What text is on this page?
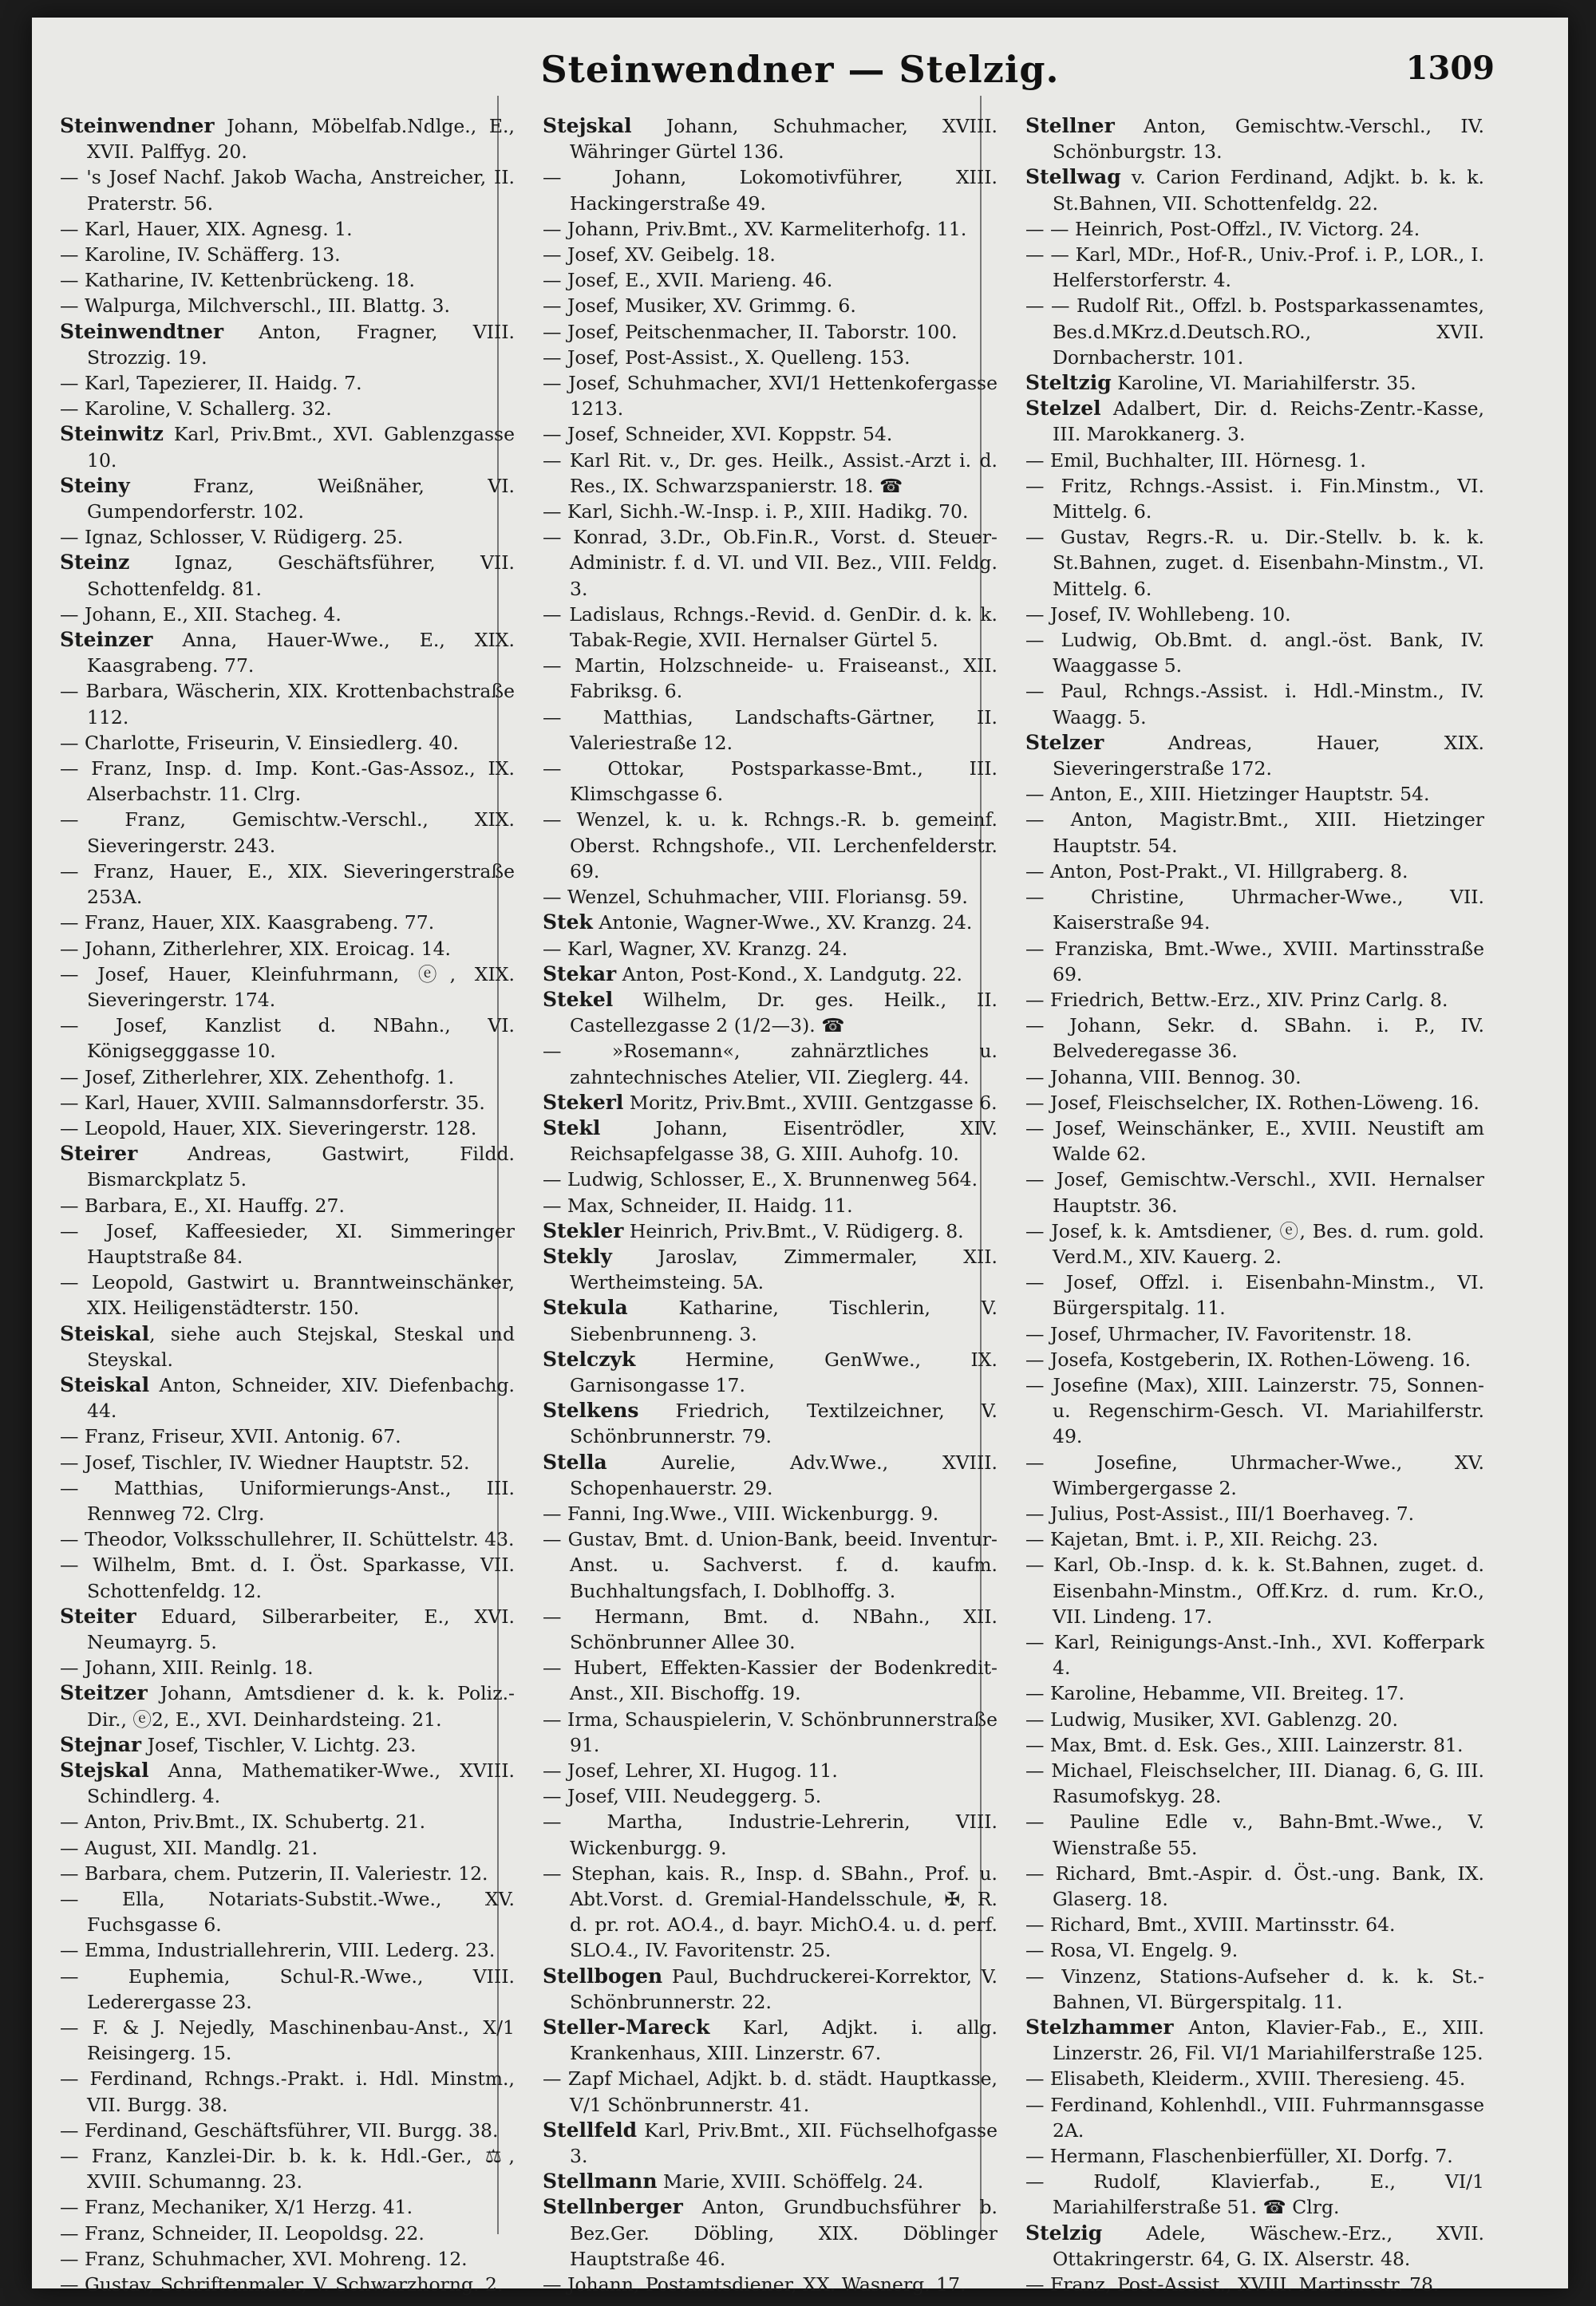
Steinwendner — Stelzig.	1309

Steinwendner Johann, Möbelfab.Ndlge., E., XVII. Palffyg. 20.

— 's Josef Nachf. Jakob Wacha, Anstreicher, II. Praterstr. 56.

— Karl, Hauer, XIX. Agnesg. 1.

— Karoline, IV. Schäfferg. 13.

— Katharine, IV. Kettenbrückeng. 18.

— Walpurga, Milchverschl., III. Blattg. 3.

Steinwendtner Anton, Fragner, VIII. Strozzig. 19.

— Karl, Tapezierer, II. Haidg. 7.

— Karoline, V. Schallerg. 32.

Steinwitz Karl, Priv.Bmt., XVI. Gablenzgasse 10.

Steiny Franz, Weißnäher, VI. Gumpendorferstr. 102.

— Ignaz, Schlosser, V. Rüdigerg. 25.

Steinz Ignaz, Geschäftsführer, VII. Schottenfeldg. 81.

— Johann, E., XII. Stacheg. 4.

Steinzer Anna, Hauer-Wwe., E., XIX. Kaasgrabeng. 77.

— Barbara, Wäscherin, XIX. Krottenbachstraße 112.

— Charlotte, Friseurin, V. Einsiedlerg. 40.

— Franz, Insp. d. Imp. Kont.-Gas-Assoz., IX. Alserbachstr. 11. Clrg.

— Franz, Gemischtw.-Verschl., XIX. Sieveringerstr. 243.

— Franz, Hauer, E., XIX. Sieveringerstraße 253A.

— Franz, Hauer, XIX. Kaasgrabeng. 77.

— Johann, Zitherlehrer, XIX. Eroicag. 14.

— Josef, Hauer, Kleinfuhrmann, ⓔ, XIX. Sieveringerstr. 174.

— Josef, Kanzlist d. NBahn., VI. Königsegggasse 10.

— Josef, Zitherlehrer, XIX. Zehenthofg. 1.

— Karl, Hauer, XVIII. Salmannsdorferstr. 35.

— Leopold, Hauer, XIX. Sieveringerstr. 128.

Steirer Andreas, Gastwirt, Fildd. Bismarckplatz 5.

— Barbara, E., XI. Hauffg. 27.

— Josef, Kaffeesieder, XI. Simmeringer Hauptstraße 84.

— Leopold, Gastwirt u. Branntweinschänker, XIX. Heiligenstädterstr. 150.

Steiskal, siehe auch Stejskal, Steskal und Steyskal.

Steiskal Anton, Schneider, XIV. Diefenbachg. 44.

— Franz, Friseur, XVII. Antonig. 67.

— Josef, Tischler, IV. Wiedner Hauptstr. 52.

— Matthias, Uniformierungs-Anst., III. Rennweg 72. Clrg.

— Theodor, Volksschullehrer, II. Schüttelstr. 43.

— Wilhelm, Bmt. d. I. Öst. Sparkasse, VII. Schottenfeldg. 12.

Steiter Eduard, Silberarbeiter, E., XVI. Neumayrg. 5.

— Johann, XIII. Reinlg. 18.

Steitzer Johann, Amtsdiener d. k. k. Poliz.-Dir., ⓔ2, E., XVI. Deinhardsteing. 21.

Stejnar Josef, Tischler, V. Lichtg. 23.

Stejskal Anna, Mathematiker-Wwe., XVIII. Schindlerg. 4.

— Anton, Priv.Bmt., IX. Schubertg. 21.

— August, XII. Mandlg. 21.

— Barbara, chem. Putzerin, II. Valeriestr. 12.

— Ella, Notariats-Substit.-Wwe., XV. Fuchsgasse 6.

— Emma, Industriallehrerin, VIII. Lederg. 23.

— Euphemia, Schul-R.-Wwe., VIII. Lederergasse 23.

— F. & J. Nejedly, Maschinenbau-Anst., X/1 Reisingerg. 15.

— Ferdinand, Rchngs.-Prakt. i. Hdl. Minstm., VII. Burgg. 38.

— Ferdinand, Geschäftsführer, VII. Burgg. 38.

— Franz, Kanzlei-Dir. b. k. k. Hdl.-Ger., ⚖, XVIII. Schumanng. 23.

— Franz, Mechaniker, X/1 Herzg. 41.

— Franz, Schneider, II. Leopoldsg. 22.

— Franz, Schuhmacher, XVI. Mohreng. 12.

— Gustav, Schriftenmaler, V. Schwarzhorng. 2.

Stejskal Johann, Schuhmacher, XVIII. Währinger Gürtel 136.

— Johann, Lokomotivführer, XIII. Hackingerstraße 49.

— Johann, Priv.Bmt., XV. Karmeliterhofg. 11.

— Josef, XV. Geibelg. 18.

— Josef, E., XVII. Marieng. 46.

— Josef, Musiker, XV. Grimmg. 6.

— Josef, Peitschenmacher, II. Taborstr. 100.

— Josef, Post-Assist., X. Quelleng. 153.

— Josef, Schuhmacher, XVI/1 Hettenkofergasse 1213.

— Josef, Schneider, XVI. Koppstr. 54.

— Karl Rit. v., Dr. ges. Heilk., Assist.-Arzt i. d. Res., IX. Schwarzspanierstr. 18. ☎

— Karl, Sichh.-W.-Insp. i. P., XIII. Hadikg. 70.

— Konrad, 3.Dr., Ob.Fin.R., Vorst. d. Steuer-Administr. f. d. VI. und VII. Bez., VIII. Feldg. 3.

— Ladislaus, Rchngs.-Revid. d. GenDir. d. k. k. Tabak-Regie, XVII. Hernalser Gürtel 5.

— Martin, Holzschneide- u. Fraiseanst., XII. Fabriksg. 6.

— Matthias, Landschafts-Gärtner, II. Valeriestraße 12.

— Ottokar, Postsparkasse-Bmt., III. Klimschgasse 6.

— Wenzel, k. u. k. Rchngs.-R. b. gemeinf. Oberst. Rchngshofe., VII. Lerchenfelderstr. 69.

— Wenzel, Schuhmacher, VIII. Floriansg. 59.

Stek Antonie, Wagner-Wwe., XV. Kranzg. 24.

— Karl, Wagner, XV. Kranzg. 24.

Stekar Anton, Post-Kond., X. Landgutg. 22.

Stekel Wilhelm, Dr. ges. Heilk., II. Castellezgasse 2 (1/2—3). ☎

— »Rosemann«, zahnärztliches u. zahntechnisches Atelier, VII. Zieglerg. 44.

Stekerl Moritz, Priv.Bmt., XVIII. Gentzgasse 6.

Stekl Johann, Eisentrödler, XIV. Reichsapfelgasse 38, G. XIII. Auhofg. 10.

— Ludwig, Schlosser, E., X. Brunnenweg 564.

— Max, Schneider, II. Haidg. 11.

Stekler Heinrich, Priv.Bmt., V. Rüdigerg. 8.

Stekly Jaroslav, Zimmermaler, XII. Wertheimsteing. 5A.

Stekula Katharine, Tischlerin, V. Siebenbrunneng. 3.

Stelczyk Hermine, GenWwe., IX. Garnisongasse 17.

Stelkens Friedrich, Textilzeichner, V. Schönbrunnerstr. 79.

Stella Aurelie, Adv.Wwe., XVIII. Schopenhauerstr. 29.

— Fanni, Ing.Wwe., VIII. Wickenburgg. 9.

— Gustav, Bmt. d. Union-Bank, beeid. Inventur-Anst. u. Sachverst. f. d. kaufm. Buchhaltungsfach, I. Doblhoffg. 3.

— Hermann, Bmt. d. NBahn., XII. Schönbrunner Allee 30.

— Hubert, Effekten-Kassier der Bodenkredit-Anst., XII. Bischoffg. 19.

— Irma, Schauspielerin, V. Schönbrunnerstraße 91.

— Josef, Lehrer, XI. Hugog. 11.

— Josef, VIII. Neudeggerg. 5.

— Martha, Industrie-Lehrerin, VIII. Wickenburgg. 9.

— Stephan, kais. R., Insp. d. SBahn., Prof. u. Abt.Vorst. d. Gremial-Handelsschule, ✠, R. d. pr. rot. AO.4., d. bayr. MichO.4. u. d. perf. SLO.4., IV. Favoritenstr. 25.

Stellbogen Paul, Buchdruckerei-Korrektor, V. Schönbrunnerstr. 22.

Steller-Mareck Karl, Adjkt. i. allg. Krankenhaus, XIII. Linzerstr. 67.

— Zapf Michael, Adjkt. b. d. städt. Hauptkasse, V/1 Schönbrunnerstr. 41.

Stellfeld Karl, Priv.Bmt., XII. Füchselhofgasse 3.

Stellmann Marie, XVIII. Schöffelg. 24.

Stellnberger Anton, Grundbuchsführer b. Bez.Ger. Döbling, XIX. Döblinger Hauptstraße 46.

— Johann, Postamtsdiener, XX. Wasnerg. 17.

Stellner Anton, Gemischtw.-Verschl., IV. Schönburgstr. 13.

Stellwag v. Carion Ferdinand, Adjkt. b. k. k. St.Bahnen, VII. Schottenfeldg. 22.

— — Heinrich, Post-Offzl., IV. Victorg. 24.

— — Karl, MDr., Hof-R., Univ.-Prof. i. P., LOR., I. Helferstorferstr. 4.

— — Rudolf Rit., Offzl. b. Postsparkassenamtes, Bes.d.MKrz.d.Deutsch.RO., XVII. Dornbacherstr. 101.

Steltzig Karoline, VI. Mariahilferstr. 35.

Stelzel Adalbert, Dir. d. Reichs-Zentr.-Kasse, III. Marokkanerg. 3.

— Emil, Buchhalter, III. Hörnesg. 1.

— Fritz, Rchngs.-Assist. i. Fin.Minstm., VI. Mittelg. 6.

— Gustav, Regrs.-R. u. Dir.-Stellv. b. k. k. St.Bahnen, zuget. d. Eisenbahn-Minstm., VI. Mittelg. 6.

— Josef, IV. Wohllebeng. 10.

— Ludwig, Ob.Bmt. d. angl.-öst. Bank, IV. Waaggasse 5.

— Paul, Rchngs.-Assist. i. Hdl.-Minstm., IV. Waagg. 5.

Stelzer Andreas, Hauer, XIX. Sieveringerstraße 172.

— Anton, E., XIII. Hietzinger Hauptstr. 54.

— Anton, Magistr.Bmt., XIII. Hietzinger Hauptstr. 54.

— Anton, Post-Prakt., VI. Hillgraberg. 8.

— Christine, Uhrmacher-Wwe., VII. Kaiserstraße 94.

— Franziska, Bmt.-Wwe., XVIII. Martinsstraße 69.

— Friedrich, Bettw.-Erz., XIV. Prinz Carlg. 8.

— Johann, Sekr. d. SBahn. i. P., IV. Belvederegasse 36.

— Johanna, VIII. Bennog. 30.

— Josef, Fleischselcher, IX. Rothen-Löweng. 16.

— Josef, Weinschänker, E., XVIII. Neustift am Walde 62.

— Josef, Gemischtw.-Verschl., XVII. Hernalser Hauptstr. 36.

— Josef, k. k. Amtsdiener, ⓔ, Bes. d. rum. gold. Verd.M., XIV. Kauerg. 2.

— Josef, Offzl. i. Eisenbahn-Minstm., VI. Bürgerspitalg. 11.

— Josef, Uhrmacher, IV. Favoritenstr. 18.

— Josefa, Kostgeberin, IX. Rothen-Löweng. 16.

— Josefine (Max), XIII. Lainzerstr. 75, Sonnen- u. Regenschirm-Gesch. VI. Mariahilferstr. 49.

— Josefine, Uhrmacher-Wwe., XV. Wimbergergasse 2.

— Julius, Post-Assist., III/1 Boerhaveg. 7.

— Kajetan, Bmt. i. P., XII. Reichg. 23.

— Karl, Ob.-Insp. d. k. k. St.Bahnen, zuget. d. Eisenbahn-Minstm., Off.Krz. d. rum. Kr.O., VII. Lindeng. 17.

— Karl, Reinigungs-Anst.-Inh., XVI. Kofferpark 4.

— Karoline, Hebamme, VII. Breiteg. 17.

— Ludwig, Musiker, XVI. Gablenzg. 20.

— Max, Bmt. d. Esk. Ges., XIII. Lainzerstr. 81.

— Michael, Fleischselcher, III. Dianag. 6, G. III. Rasumofskyg. 28.

— Pauline Edle v., Bahn-Bmt.-Wwe., V. Wienstraße 55.

— Richard, Bmt.-Aspir. d. Öst.-ung. Bank, IX. Glaserg. 18.

— Richard, Bmt., XVIII. Martinsstr. 64.

— Rosa, VI. Engelg. 9.

— Vinzenz, Stations-Aufseher d. k. k. St.-Bahnen, VI. Bürgerspitalg. 11.

Stelzhammer Anton, Klavier-Fab., E., XIII. Linzerstr. 26, Fil. VI/1 Mariahilferstraße 125.

— Elisabeth, Kleiderm., XVIII. Theresieng. 45.

— Ferdinand, Kohlenhdl., VIII. Fuhrmannsgasse 2A.

— Hermann, Flaschenbierfüller, XI. Dorfg. 7.

— Rudolf, Klavierfab., E., VI/1 Mariahilferstraße 51. ☎ Clrg.

Stelzig Adele, Wäschew.-Erz., XVII. Ottakringerstr. 64, G. IX. Alserstr. 48.

— Franz, Post-Assist., XVIII. Martinsstr. 78.
